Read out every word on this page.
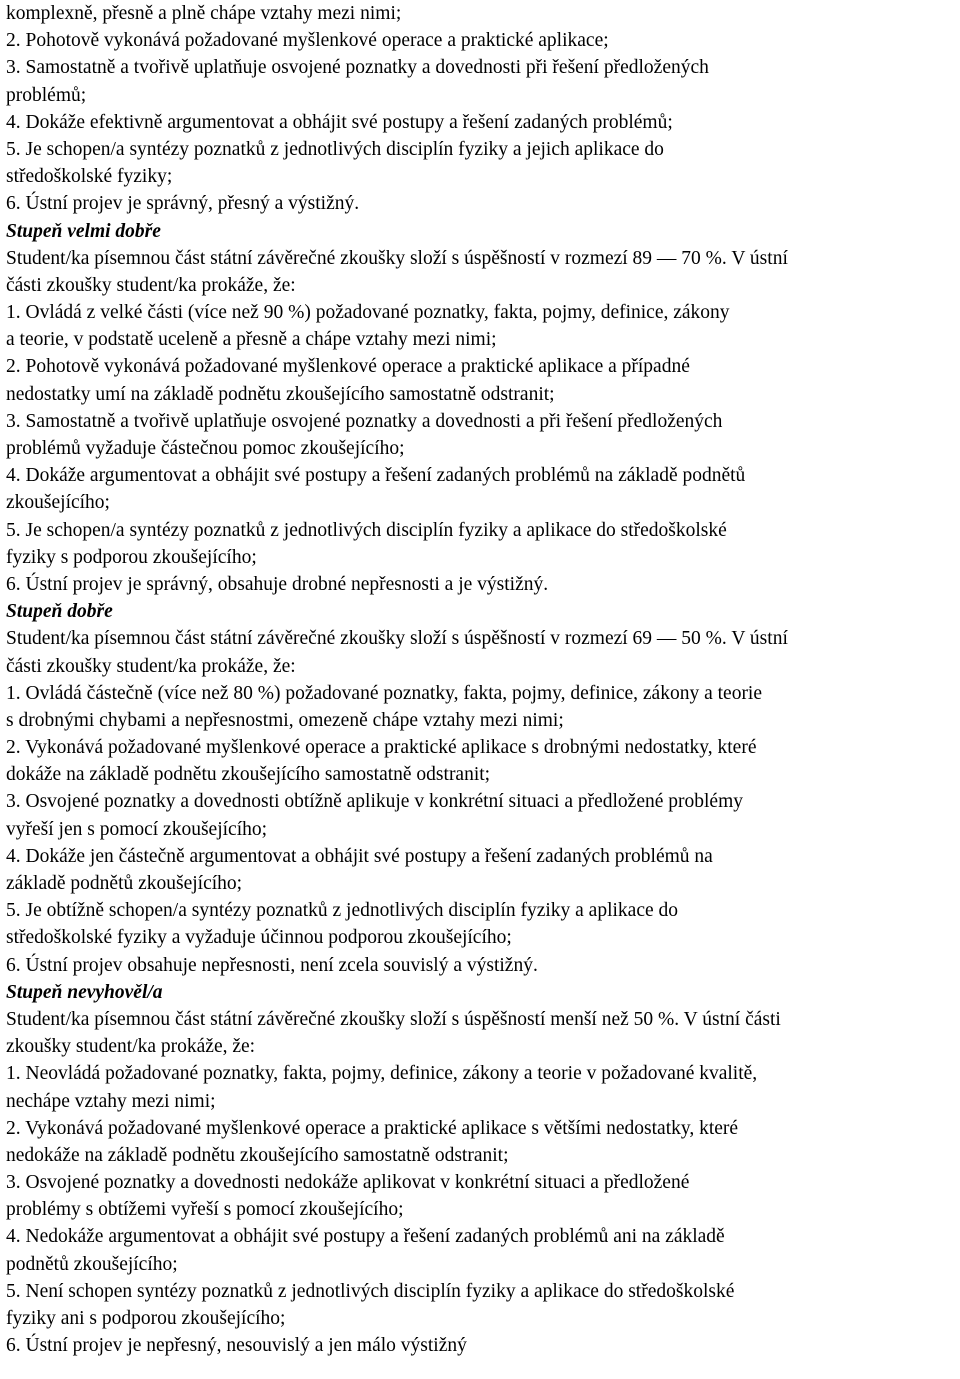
komplexně, přesně a plně chápe vztahy mezi nimi;
2. Pohotově vykonává požadované myšlenkové operace a praktické aplikace;
3. Samostatně a tvořivě uplatňuje osvojené poznatky a dovednosti při řešení předložených
problémů;
4. Dokáže efektivně argumentovat a obhájit své postupy a řešení zadaných problémů;
5. Je schopen/a syntézy poznatků z jednotlivých disciplín fyziky a jejich aplikace do
středoškolské fyziky;
6. Ústní projev je správný, přesný a výstižný.
Stupeň velmi dobře
Student/ka písemnou část státní závěrečné zkoušky složí s úspěšností v rozmezí 89 — 70 %. V ústní
části zkoušky student/ka prokáže, že:
1. Ovládá z velké části (více než 90 %) požadované poznatky, fakta, pojmy, definice, zákony
a teorie, v podstatě uceleně a přesně a chápe vztahy mezi nimi;
2. Pohotově vykonává požadované myšlenkové operace a praktické aplikace a případné
nedostatky umí na základě podnětu zkoušejícího samostatně odstranit;
3. Samostatně a tvořivě uplatňuje osvojené poznatky a dovednosti a při řešení předložených
problémů vyžaduje částečnou pomoc zkoušejícího;
4. Dokáže argumentovat a obhájit své postupy a řešení zadaných problémů na základě podnětů
zkoušejícího;
5. Je schopen/a syntézy poznatků z jednotlivých disciplín fyziky a aplikace do středoškolské
fyziky s podporou zkoušejícího;
6. Ústní projev je správný, obsahuje drobné nepřesnosti a je výstižný.
Stupeň dobře
Student/ka písemnou část státní závěrečné zkoušky složí s úspěšností v rozmezí 69 — 50 %. V ústní
části zkoušky student/ka prokáže, že:
1. Ovládá částečně (více než 80 %) požadované poznatky, fakta, pojmy, definice, zákony a teorie
s drobnými chybami a nepřesnostmi, omezeně chápe vztahy mezi nimi;
2. Vykonává požadované myšlenkové operace a praktické aplikace s drobnými nedostatky, které
dokáže na základě podnětu zkoušejícího samostatně odstranit;
3. Osvojené poznatky a dovednosti obtížně aplikuje v konkrétní situaci a předložené problémy
vyřeší jen s pomocí zkoušejícího;
4. Dokáže jen částečně argumentovat a obhájit své postupy a řešení zadaných problémů na
základě podnětů zkoušejícího;
5. Je obtížně schopen/a syntézy poznatků z jednotlivých disciplín fyziky a aplikace do
středoškolské fyziky a vyžaduje účinnou podporou zkoušejícího;
6. Ústní projev obsahuje nepřesnosti, není zcela souvislý a výstižný.
Stupeň nevyhověl/a
Student/ka písemnou část státní závěrečné zkoušky složí s úspěšností menší než 50 %. V ústní části
zkoušky student/ka prokáže, že:
1. Neovládá požadované poznatky, fakta, pojmy, definice, zákony a teorie v požadované kvalitě,
nechápe vztahy mezi nimi;
2. Vykonává požadované myšlenkové operace a praktické aplikace s většími nedostatky, které
nedokáže na základě podnětu zkoušejícího samostatně odstranit;
3. Osvojené poznatky a dovednosti nedokáže aplikovat v konkrétní situaci a předložené
problémy s obtížemi vyřeší s pomocí zkoušejícího;
4. Nedokáže argumentovat a obhájit své postupy a řešení zadaných problémů ani na základě
podnětů zkoušejícího;
5. Není schopen syntézy poznatků z jednotlivých disciplín fyziky a aplikace do středoškolské
fyziky ani s podporou zkoušejícího;
6. Ústní projev je nepřesný, nesouvislý a jen málo výstižný
